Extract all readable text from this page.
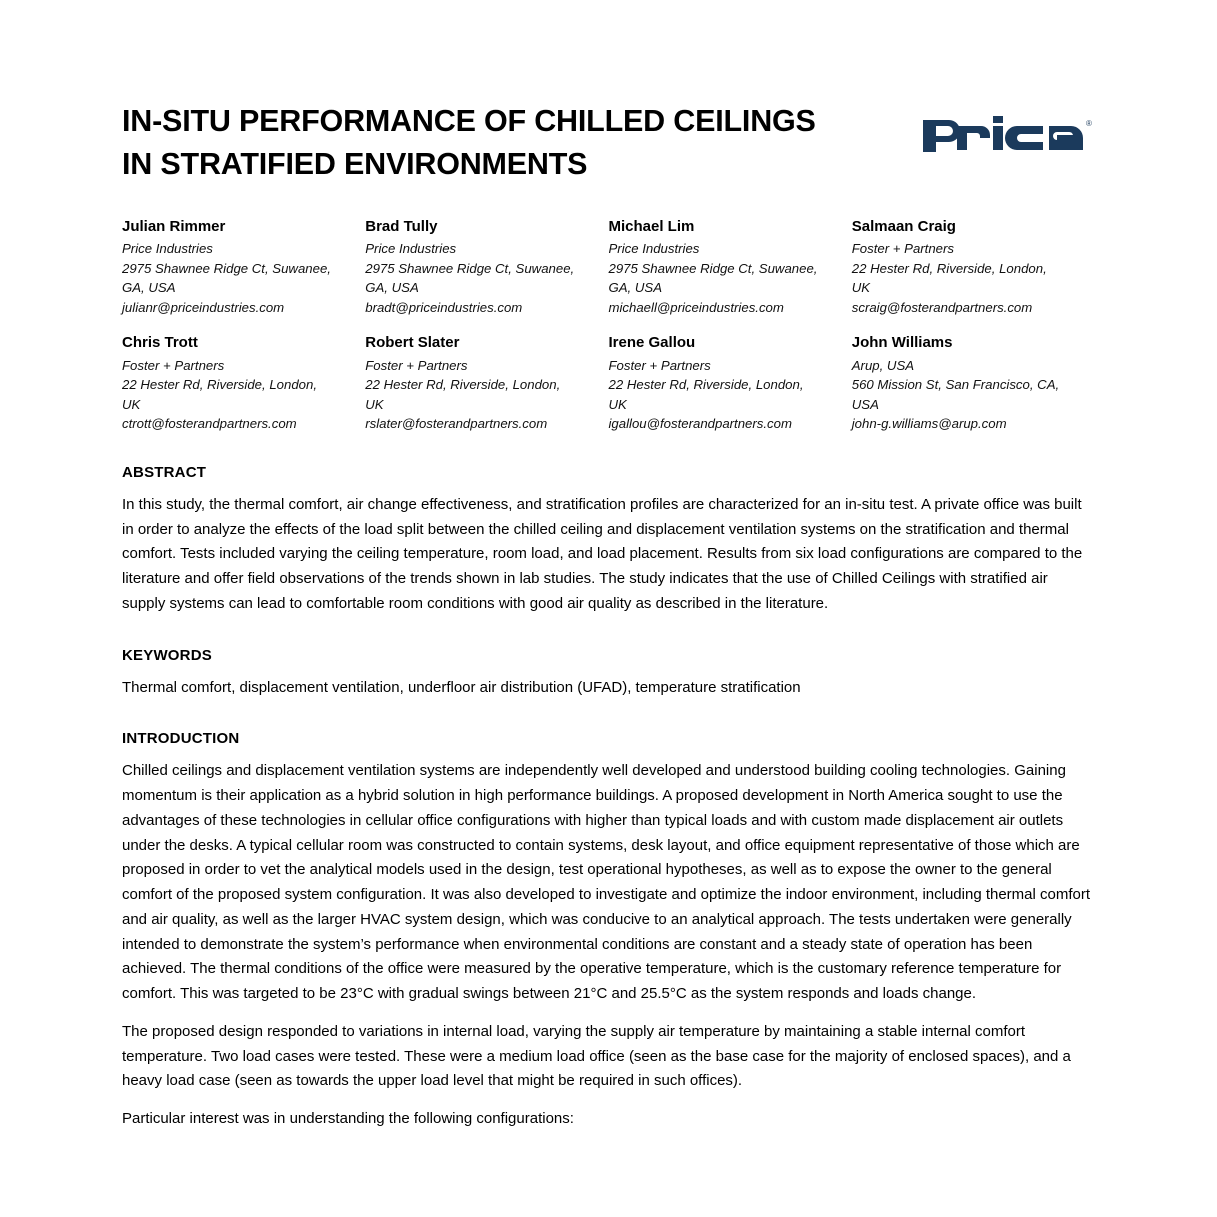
IN-SITU PERFORMANCE OF CHILLED CEILINGS IN STRATIFIED ENVIRONMENTS
®

Julian Rimmer

Price Industries

2975 Shawnee Ridge Ct, Suwanee,

GA, USA

julianr@priceindustries.com

Brad Tully

Price Industries

2975 Shawnee Ridge Ct, Suwanee,

GA, USA

bradt@priceindustries.com

Michael Lim

Price Industries

2975 Shawnee Ridge Ct, Suwanee,

GA, USA

michaell@priceindustries.com

Salmaan Craig

Foster + Partners

22 Hester Rd, Riverside, London, UK

scraig@fosterandpartners.com

Chris Trott

Foster + Partners

22 Hester Rd, Riverside, London, UK

ctrott@fosterandpartners.com

Robert Slater

Foster + Partners

22 Hester Rd, Riverside, London, UK

rslater@fosterandpartners.com

Irene Gallou

Foster + Partners

22 Hester Rd, Riverside, London, UK

igallou@fosterandpartners.com

John Williams

Arup, USA

560 Mission St, San Francisco, CA, USA

john-g.williams@arup.com

ABSTRACT

In this study, the thermal comfort, air change effectiveness, and stratification profiles are characterized for an in-situ test. A private office was built in order to analyze the effects of the load split between the chilled ceiling and displacement ventilation systems on the stratification and thermal comfort. Tests included varying the ceiling temperature, room load, and load placement. Results from six load configurations are compared to the literature and offer field observations of the trends shown in lab studies. The study indicates that the use of Chilled Ceilings with stratified air supply systems can lead to comfortable room conditions with good air quality as described in the literature.

KEYWORDS

Thermal comfort, displacement ventilation, underfloor air distribution (UFAD), temperature stratification

INTRODUCTION

Chilled ceilings and displacement ventilation systems are independently well developed and understood building cooling technologies. Gaining momentum is their application as a hybrid solution in high performance buildings. A proposed development in North America sought to use the advantages of these technologies in cellular office configurations with higher than typical loads and with custom made displacement air outlets under the desks. A typical cellular room was constructed to contain systems, desk layout, and office equipment representative of those which are proposed in order to vet the analytical models used in the design, test operational hypotheses, as well as to expose the owner to the general comfort of the proposed system configuration. It was also developed to investigate and optimize the indoor environment, including thermal comfort and air quality, as well as the larger HVAC system design, which was conducive to an analytical approach. The tests undertaken were generally intended to demonstrate the system’s performance when environmental conditions are constant and a steady state of operation has been achieved. The thermal conditions of the office were measured by the operative temperature, which is the customary reference temperature for comfort. This was targeted to be 23°C with gradual swings between 21°C and 25.5°C as the system responds and loads change.

The proposed design responded to variations in internal load, varying the supply air temperature by maintaining a stable internal comfort temperature. Two load cases were tested. These were a medium load office (seen as the base case for the majority of enclosed spaces), and a heavy load case (seen as towards the upper load level that might be required in such offices).

Particular interest was in understanding the following configurations:
